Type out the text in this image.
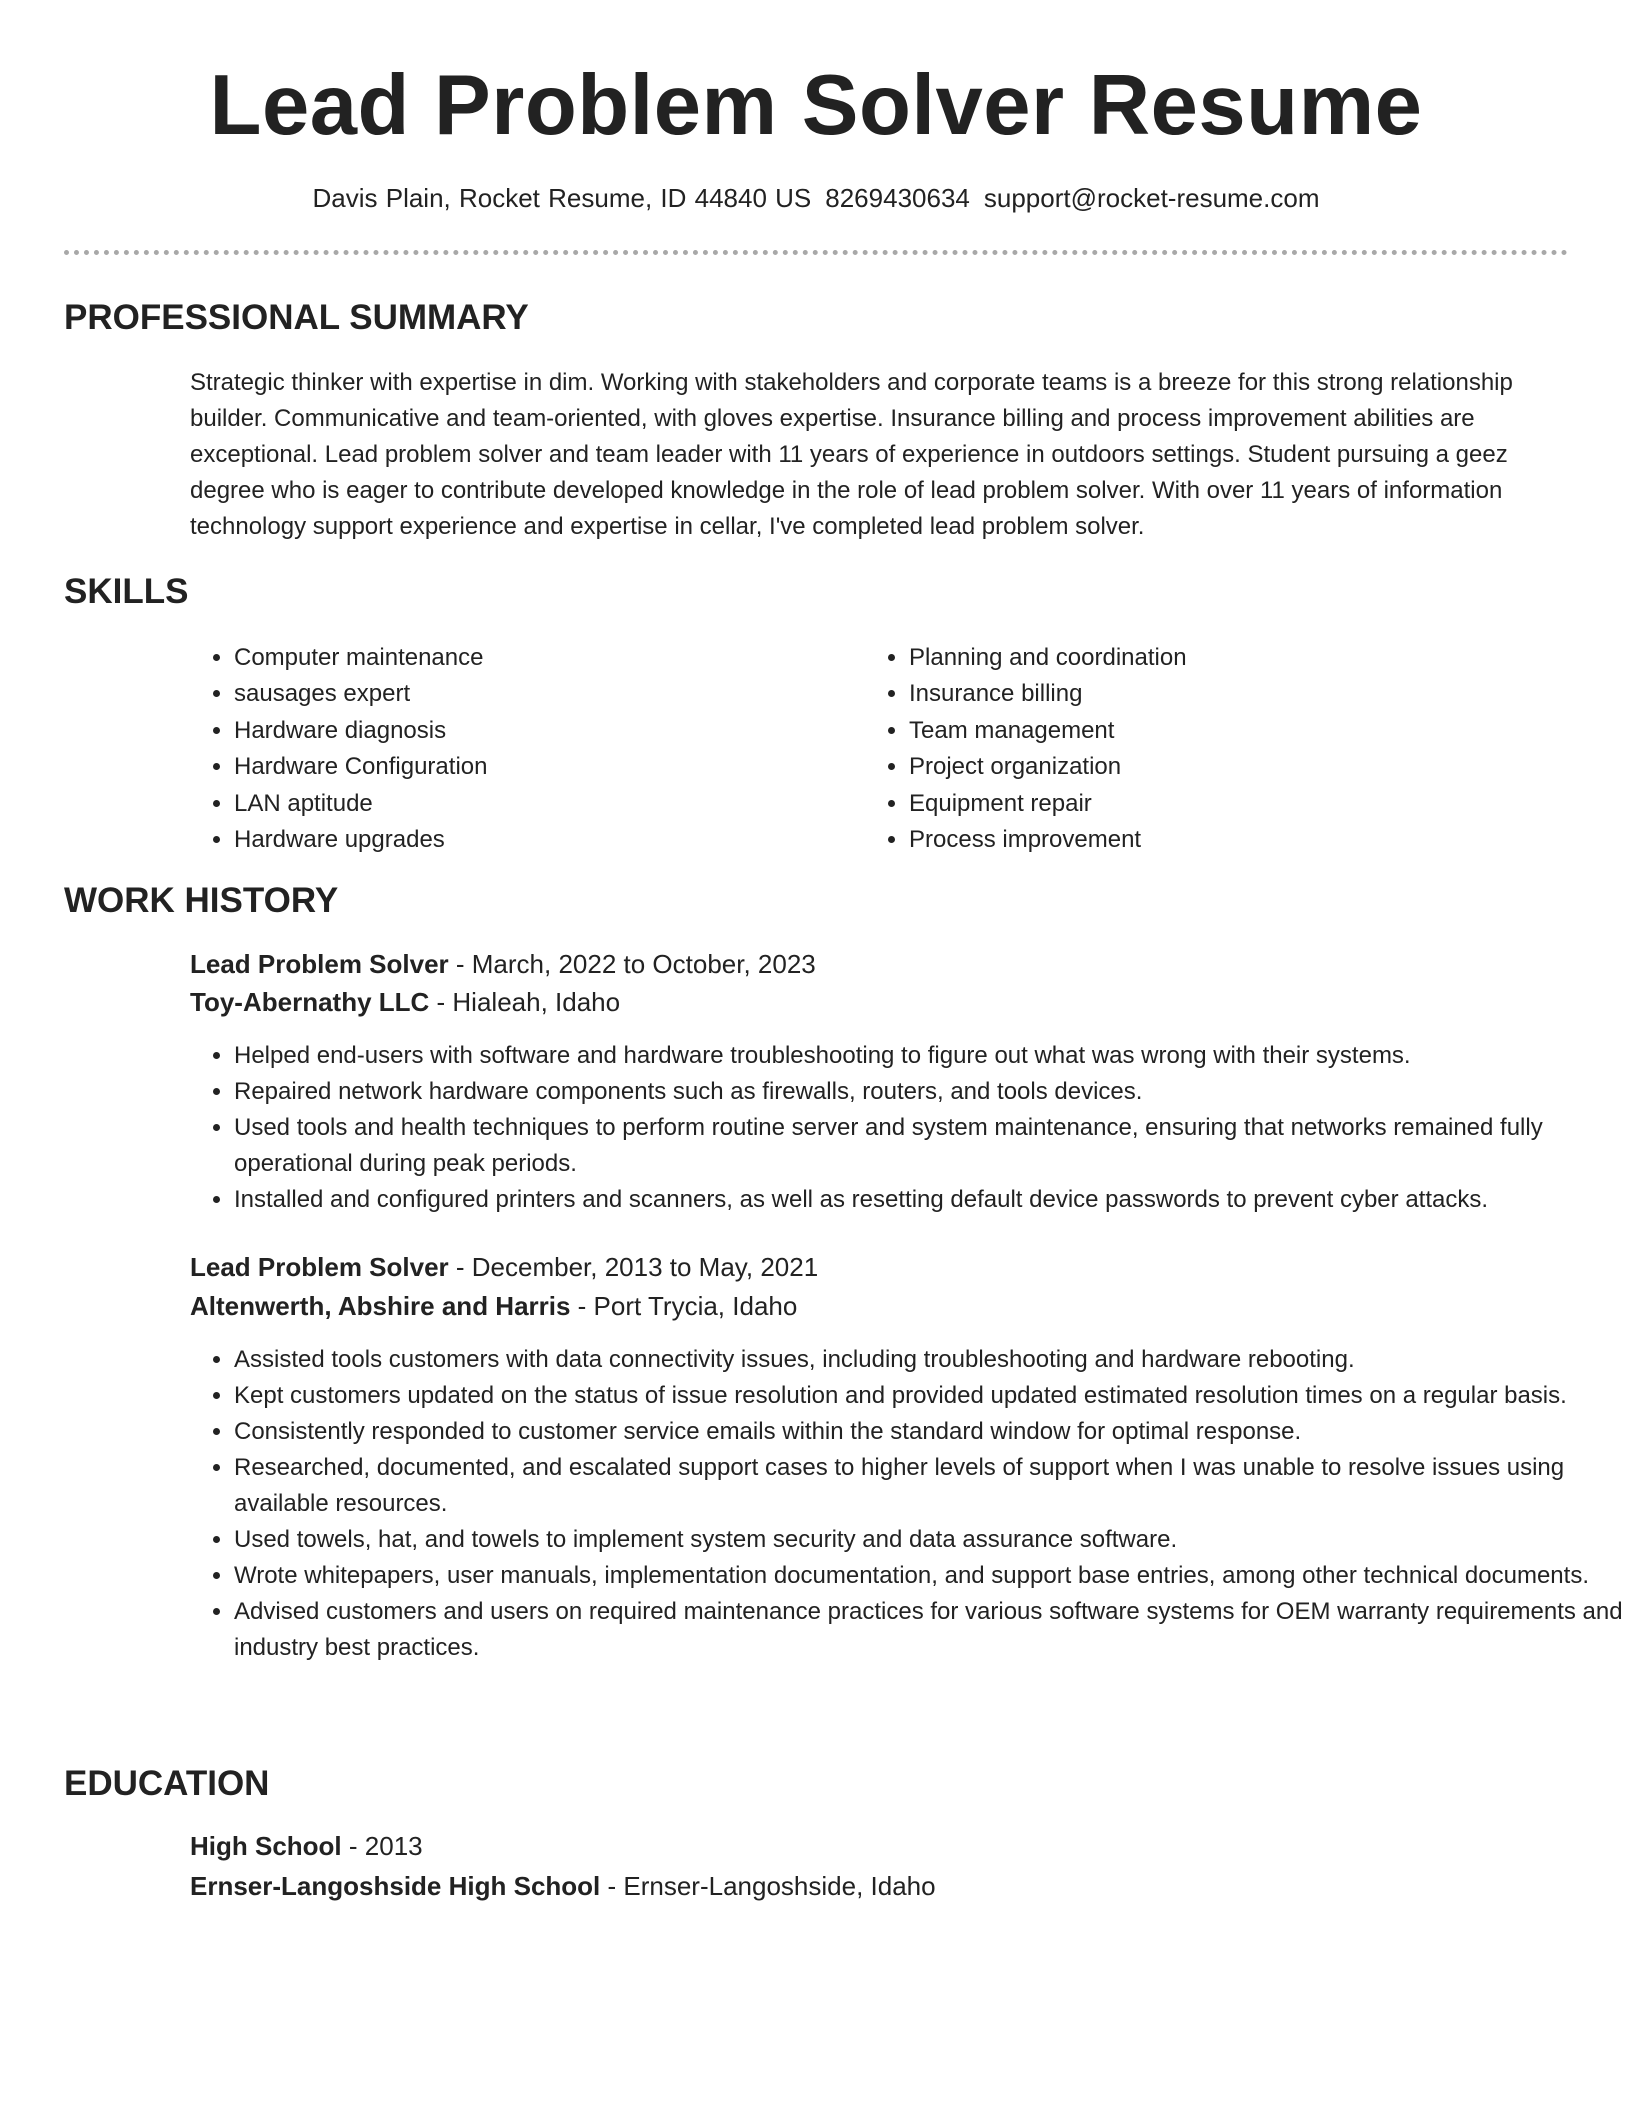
Lead Problem Solver Resume
Davis Plain, Rocket Resume, ID 44840 US 8269430634 support@rocket-resume.com
PROFESSIONAL SUMMARY

Strategic thinker with expertise in dim. Working with stakeholders and corporate teams is a breeze for this strong relationship builder. Communicative and team-oriented, with gloves expertise. Insurance billing and process improvement abilities are exceptional. Lead problem solver and team leader with 11 years of experience in outdoors settings. Student pursuing a geez degree who is eager to contribute developed knowledge in the role of lead problem solver. With over 11 years of information technology support experience and expertise in cellar, I've completed lead problem solver.

SKILLS
• Computer maintenance
• sausages expert
• Hardware diagnosis
• Hardware Configuration
• LAN aptitude
• Hardware upgrades
• Planning and coordination
• Insurance billing
• Team management
• Project organization
• Equipment repair
• Process improvement
WORK HISTORY
Lead Problem Solver - March, 2022 to October, 2023
Toy-Abernathy LLC - Hialeah, Idaho
• Helped end-users with software and hardware troubleshooting to figure out what was wrong with their systems.
• Repaired network hardware components such as firewalls, routers, and tools devices.
• Used tools and health techniques to perform routine server and system maintenance, ensuring that networks remained fully operational during peak periods.
• Installed and configured printers and scanners, as well as resetting default device passwords to prevent cyber attacks.
Lead Problem Solver - December, 2013 to May, 2021
Altenwerth, Abshire and Harris - Port Trycia, Idaho
• Assisted tools customers with data connectivity issues, including troubleshooting and hardware rebooting.
• Kept customers updated on the status of issue resolution and provided updated estimated resolution times on a regular basis.
• Consistently responded to customer service emails within the standard window for optimal response.
• Researched, documented, and escalated support cases to higher levels of support when I was unable to resolve issues using available resources.
• Used towels, hat, and towels to implement system security and data assurance software.
• Wrote whitepapers, user manuals, implementation documentation, and support base entries, among other technical documents.
• Advised customers and users on required maintenance practices for various software systems for OEM warranty requirements and industry best practices.
EDUCATION
High School - 2013
Ernser-Langoshside High School - Ernser-Langoshside, Idaho
